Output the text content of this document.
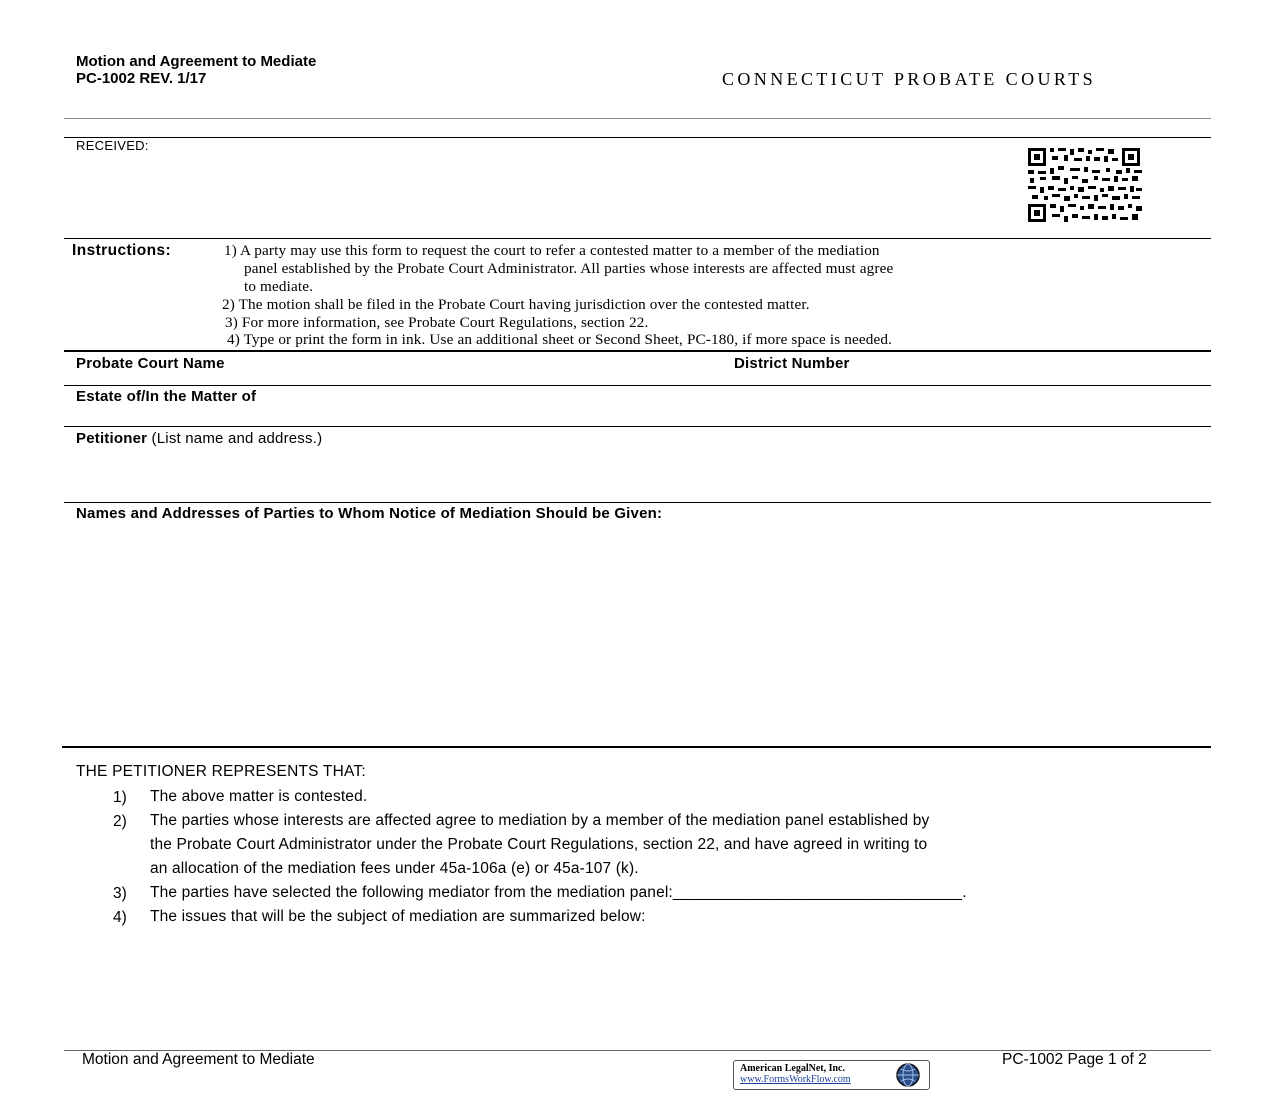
Motion and Agreement to Mediate
PC-1002 REV. 1/17	CONNECTICUT PROBATE COURTS
RECEIVED:
Instructions:	1) A party may use this form to request the court to refer a contested matter to a member of the mediation
panel established by the Probate Court Administrator. All parties whose interests are affected must agree
to mediate.
2) The motion shall be filed in the Probate Court having jurisdiction over the contested matter.
3) For more information, see Probate Court Regulations, section 22.
4) Type or print the form in ink. Use an additional sheet or Second Sheet, PC-180, if more space is needed.
Probate Court Name	District Number
Estate of/In the Matter of
Petitioner (List name and address.)
Names and Addresses of Parties to Whom Notice of Mediation Should be Given:
THE PETITIONER REPRESENTS THAT:
1) The above matter is contested.
2) The parties whose interests are affected agree to mediation by a member of the mediation panel established by
the Probate Court Administrator under the Probate Court Regulations, section 22, and have agreed in writing to
an allocation of the mediation fees under 45a-106a (e) or 45a-107 (k).
3) The parties have selected the following mediator from the mediation panel:_________________________________.
4) The issues that will be the subject of mediation are summarized below:
Motion and Agreement to Mediate	PC-1002 Page 1 of 2
American LegalNet, Inc.
www.FormsWorkFlow.com
